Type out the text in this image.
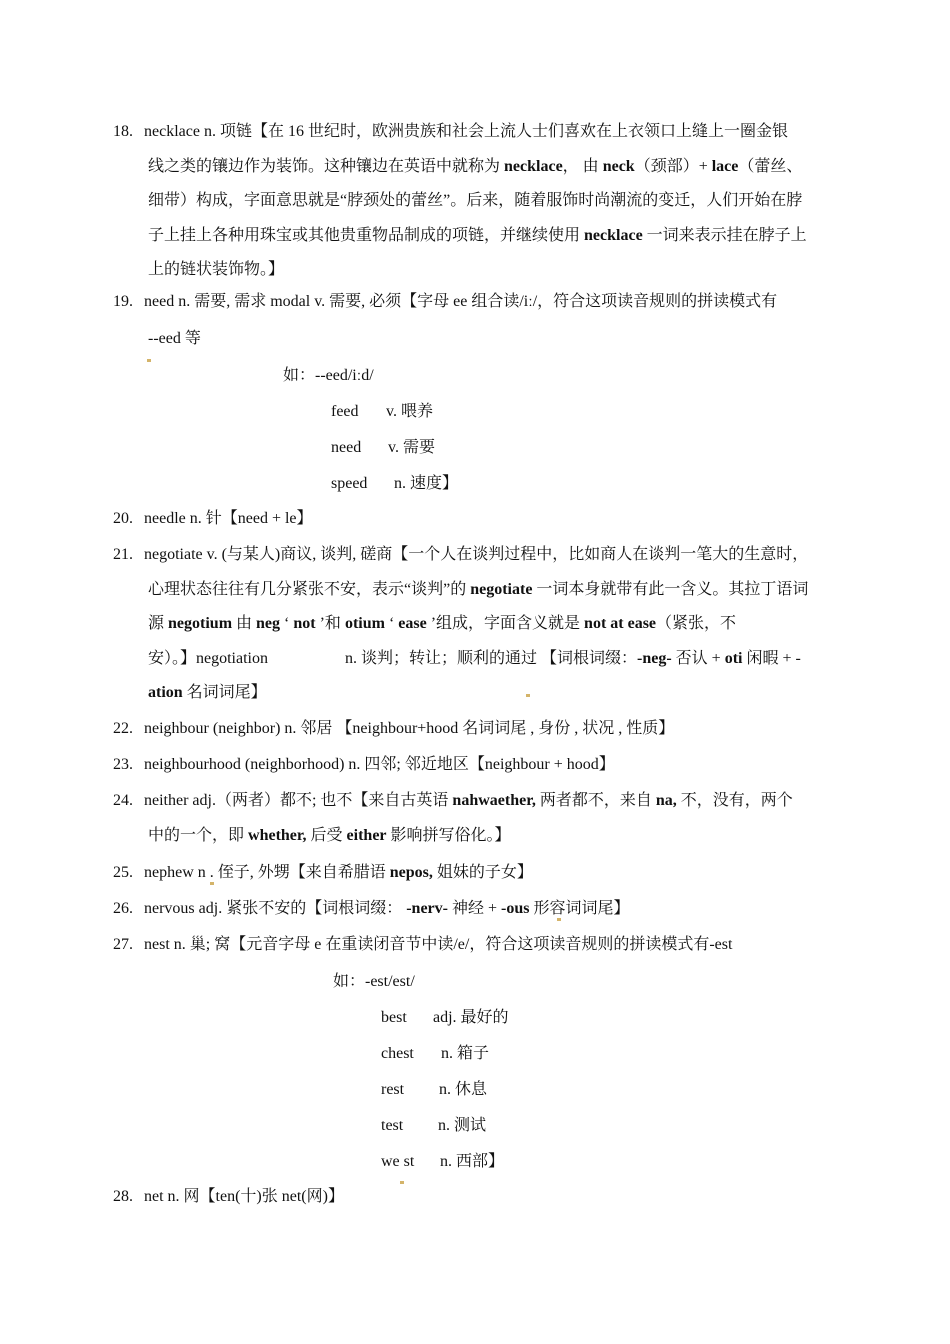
18. necklace n. 项链【在 16 世纪时，欧洲贵族和社会上流人士们喜欢在上衣领口上缝上一圈金银
线之类的镶边作为装饰。这种镶边在英语中就称为 necklace， 由 neck（颈部）+ lace（蕾丝、
细带）构成，字面意思就是“脖颈处的蕾丝”。后来，随着服饰时尚潮流的变迁，人们开始在脖
子上挂上各种用珠宝或其他贵重物品制成的项链，并继续使用 necklace 一词来表示挂在脖子上
上的链状装饰物。】
19. need n. 需要, 需求 modal v. 需要, 必须【字母 ee 组合读/iː/，符合这项读音规则的拼读模式有
--eed 等
如：--eed/iːd/
feed v. 喂养
need v. 需要
speed n. 速度】
20. needle n. 针【need + le】
21. negotiate v. (与某人)商议, 谈判, 磋商【一个人在谈判过程中，比如商人在谈判一笔大的生意时，
心理状态往往有几分紧张不安，表示“谈判”的 negotiate 一词本身就带有此一含义。其拉丁语词
源 negotium 由 neg ‘ not ’和 otium ‘ ease ’组成，字面含义就是 not at ease（紧张，不
安）。】negotiation	n. 谈判；转让；顺利的通过 【词根词缀：-neg- 否认 + oti 闲暇 + -
ation 名词词尾】
22. neighbour (neighbor) n. 邻居 【neighbour+hood 名词词尾 , 身份 , 状况 , 性质】
23. neighbourhood (neighborhood) n. 四邻; 邻近地区【neighbour + hood】
24. neither adj.（两者）都不; 也不【来自古英语 nahwaether, 两者都不，来自 na, 不，没有，两个
中的一个，即 whether, 后受 either 影响拼写俗化。】
25. nephew n . 侄子, 外甥【来自希腊语 nepos, 姐妹的子女】
26. nervous adj. 紧张不安的【词根词缀： -nerv- 神经 + -ous 形容词词尾】
27. nest n. 巢; 窝【元音字母 e 在重读闭音节中读/e/，符合这项读音规则的拼读模式有-est
如：-est/est/
best adj. 最好的
chest n. 箱子
rest n. 休息
test n. 测试
we st n. 西部】
28. net n. 网【ten(十)张 net(网)】
